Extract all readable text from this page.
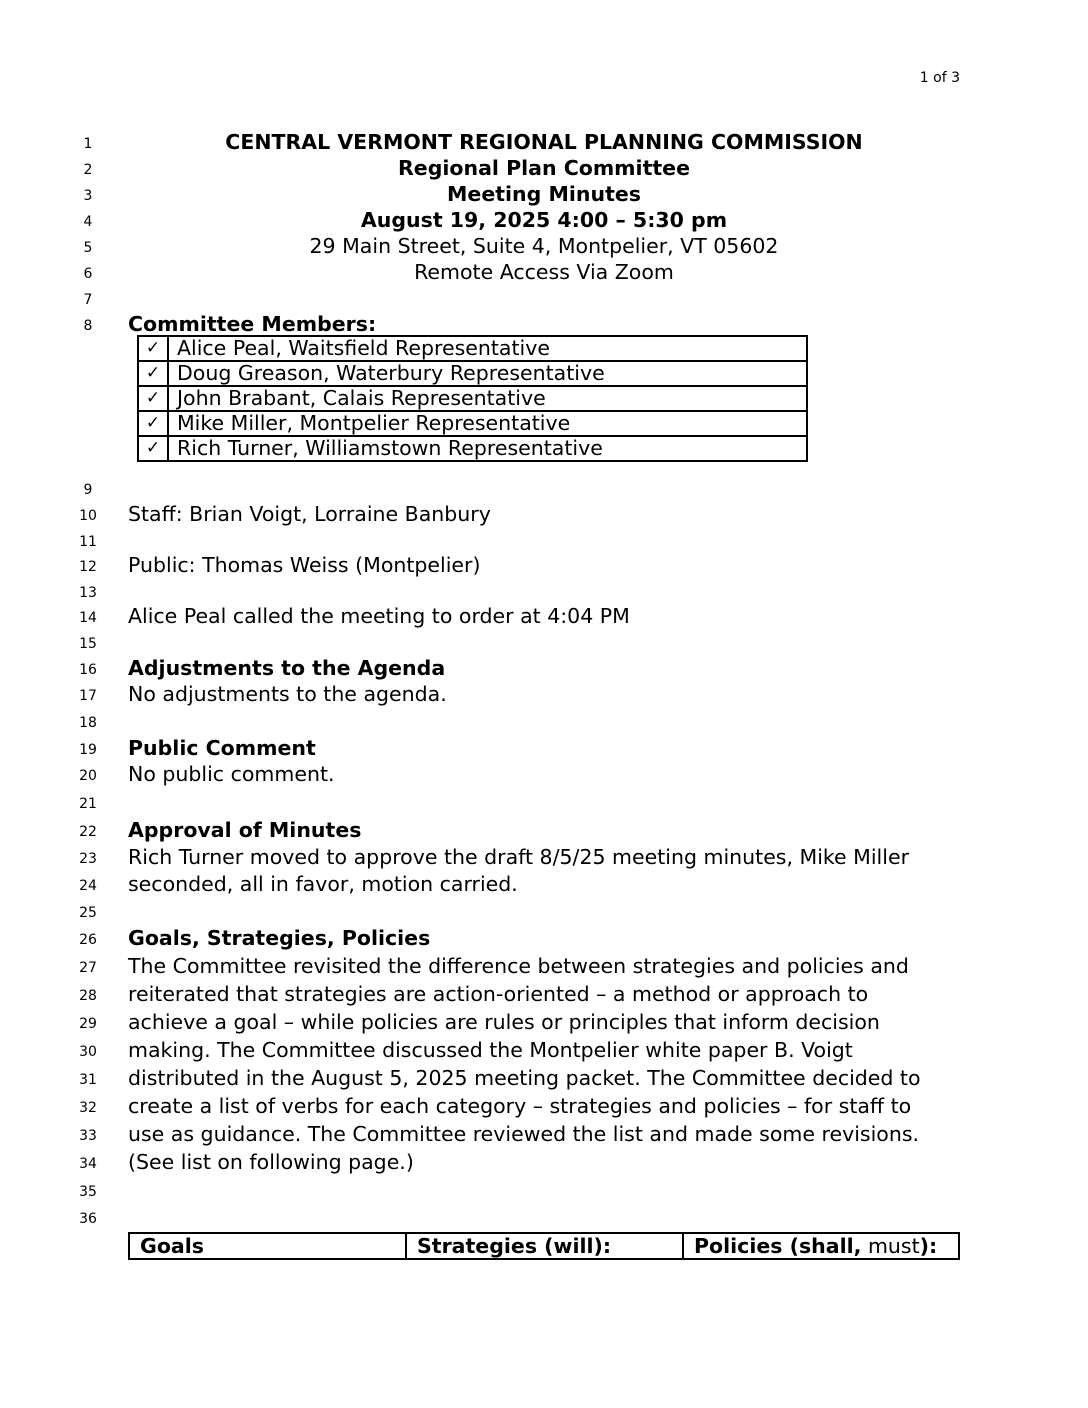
1 of 3
1
2
3
4
5
6
7
8
9
10
11
12
13
14
15
16
17
18
19
20
21
22
23
24
25
26
27
28
29
30
31
32
33
34
35
36
CENTRAL VERMONT REGIONAL PLANNING COMMISSION
Regional Plan Committee
Meeting Minutes
August 19, 2025 4:00 – 5:30 pm
29 Main Street, Suite 4, Montpelier, VT 05602
Remote Access Via Zoom
Committee Members:
✓	Alice Peal, Waitsfield Representative
✓	Doug Greason, Waterbury Representative
✓	John Brabant, Calais Representative
✓	Mike Miller, Montpelier Representative
✓	Rich Turner, Williamstown Representative
Staff: Brian Voigt, Lorraine Banbury
Public: Thomas Weiss (Montpelier)
Alice Peal called the meeting to order at 4:04 PM
Adjustments to the Agenda
No adjustments to the agenda.
Public Comment
No public comment.
Approval of Minutes
Rich Turner moved to approve the draft 8/5/25 meeting minutes, Mike Miller
seconded, all in favor, motion carried.
Goals, Strategies, Policies
The Committee revisited the difference between strategies and policies and
reiterated that strategies are action-oriented – a method or approach to
achieve a goal – while policies are rules or principles that inform decision
making. The Committee discussed the Montpelier white paper B. Voigt
distributed in the August 5, 2025 meeting packet. The Committee decided to
create a list of verbs for each category – strategies and policies – for staff to
use as guidance. The Committee reviewed the list and made some revisions.
(See list on following page.)
Goals	Strategies (will):	Policies (shall, must):
